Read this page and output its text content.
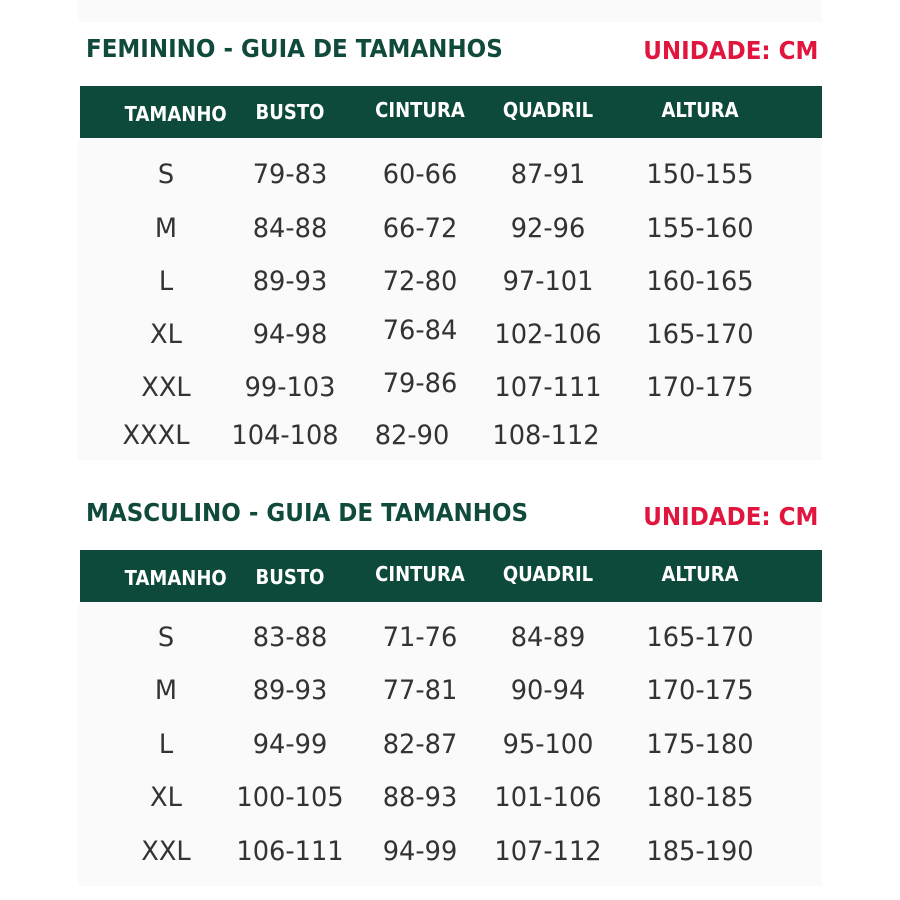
FEMININO - GUIA DE TAMANHOS	UNIDADE: CM
TAMANHO	BUSTO	CINTURA	QUADRIL	ALTURA
S	79-83	60-66	87-91	150-155
M	84-88	66-72	92-96	155-160
L	89-93	72-80	97-101	160-165
XL	94-98	76-84	102-106	165-170
XXL	99-103	79-86	107-111	170-175
XXXL	104-108	82-90	108-112
MASCULINO - GUIA DE TAMANHOS	UNIDADE: CM
TAMANHO	BUSTO	CINTURA	QUADRIL	ALTURA
S	83-88	71-76	84-89	165-170
M	89-93	77-81	90-94	170-175
L	94-99	82-87	95-100	175-180
XL	100-105	88-93	101-106	180-185
XXL	106-111	94-99	107-112	185-190
